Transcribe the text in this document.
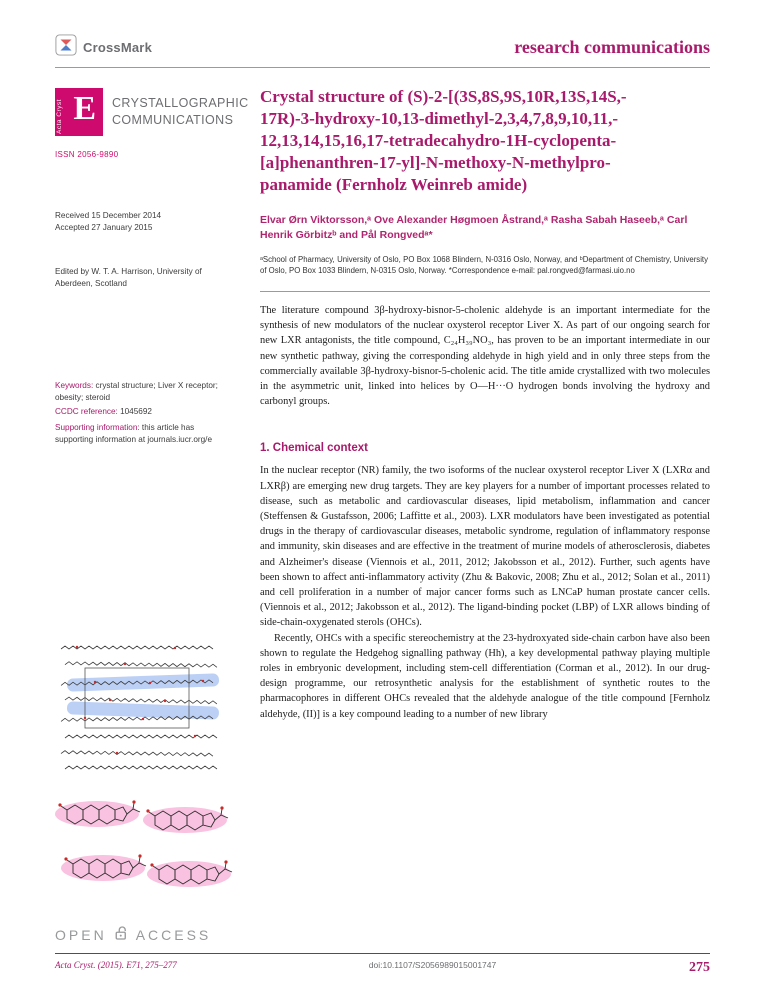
CrossMark	research communications
Acta Cryst E CRYSTALLOGRAPHIC
COMMUNICATIONS
ISSN 2056-9890
Received 15 December 2014
Accepted 27 January 2015
Edited by W. T. A. Harrison, University of Aberdeen, Scotland
Keywords: crystal structure; Liver X receptor; obesity; steroid
CCDC reference: 1045692
Supporting information: this article has supporting information at journals.iucr.org/e
OPEN ACCESS
Crystal structure of (S)-2-[(3S,8S,9S,10R,13S,14S,-
17R)-3-hydroxy-10,13-dimethyl-2,3,4,7,8,9,10,11,-
12,13,14,15,16,17-tetradecahydro-1H-cyclopenta-
[a]phenanthren-17-yl]-N-methoxy-N-methylpro-
panamide (Fernholz Weinreb amide)
Elvar Ørn Viktorsson,ᵃ Ove Alexander Høgmoen Åstrand,ᵃ Rasha Sabah Haseeb,ᵃ Carl Henrik Görbitzᵇ and Pål Rongvedᵃ*
ᵃSchool of Pharmacy, University of Oslo, PO Box 1068 Blindern, N-0316 Oslo, Norway, and ᵇDepartment of Chemistry, University of Oslo, PO Box 1033 Blindern, N-0315 Oslo, Norway. *Correspondence e-mail: pal.rongved@farmasi.uio.no
The literature compound 3β-hydroxy-bisnor-5-cholenic aldehyde is an important intermediate for the synthesis of new modulators of the nuclear oxysterol receptor Liver X. As part of our ongoing search for new LXR antagonists, the title compound, C₂₄H₃₉NO₃, has proven to be an important intermediate in our new synthetic pathway, giving the corresponding aldehyde in high yield and in only three steps from the commercially available 3β-hydroxy-bisnor-5-cholenic acid. The title amide crystallized with two molecules in the asymmetric unit, linked into helices by O—H···O hydrogen bonds involving the hydroxy and carbonyl groups.
1. Chemical context
In the nuclear receptor (NR) family, the two isoforms of the nuclear oxysterol receptor Liver X (LXRα and LXRβ) are emerging new drug targets. They are key players for a number of important processes related to disease, such as metabolic and cardiovascular diseases, lipid metabolism, inflammation and cancer (Steffensen & Gustafsson, 2006; Laffitte et al., 2003). LXR modulators have been investigated as potential drugs in the therapy of cardiovascular diseases, metabolic syndrome, regulation of inflammatory response and immunity, skin diseases and are effective in the treatment of murine models of atherosclerosis, diabetes and Alzheimer's disease (Viennois et al., 2011, 2012; Jakobsson et al., 2012). Further, such agents have been shown to affect anti-inflammatory activity (Zhu & Bakovic, 2008; Zhu et al., 2012; Solan et al., 2011) and cell proliferation in a number of major cancer forms such as LNCaP human prostate cancer cells. (Viennois et al., 2012; Jakobsson et al., 2012). The ligand-binding pocket (LBP) of LXR allows binding of side-chain-oxygenated sterols (OHCs).
Recently, OHCs with a specific stereochemistry at the 23-hydroxyated side-chain carbon have also been shown to regulate the Hedgehog signalling pathway (Hh), a key developmental pathway playing multiple roles in embryonic development, including stem-cell differentiation (Corman et al., 2012). In our drug-design programme, our retrosynthetic analysis for the establishment of synthetic routes to the pharmacophores in different OHCs revealed that the aldehyde analogue of the title compound [Fernholz aldehyde, (II)] is a key compound leading to a number of new library
Acta Cryst. (2015). E71, 275–277	doi:10.1107/S2056989015001747	275
